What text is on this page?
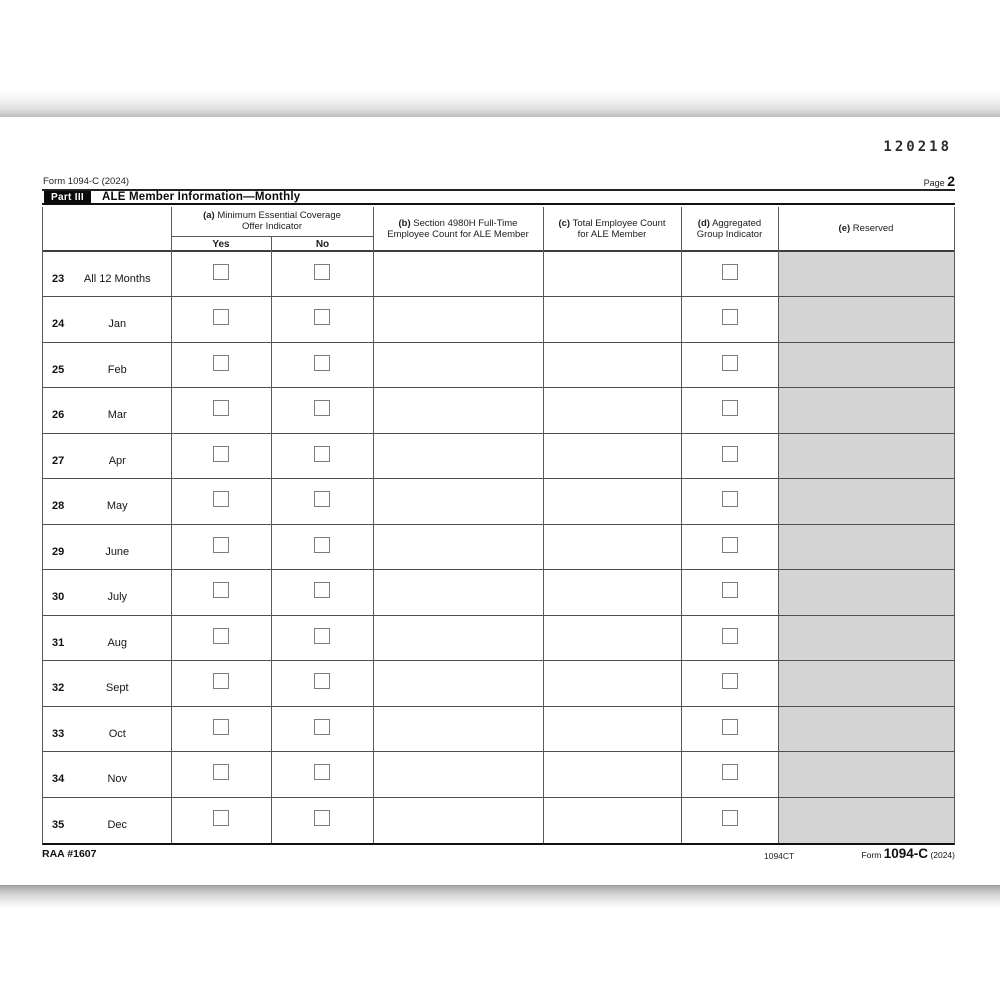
120218
Form 1094-C (2024)	Page 2
Part III	ALE Member Information—Monthly
(a) Minimum Essential Coverage
Offer Indicator
Yes	No
(b) Section 4980H Full-Time
Employee Count for ALE Member
(c) Total Employee Count
for ALE Member
(d) Aggregated
Group Indicator
(e) Reserved
23	All 12 Months
24	Jan
25	Feb
26	Mar
27	Apr
28	May
29	June
30	July
31	Aug
32	Sept
33	Oct
34	Nov
35	Dec
RAA #1607	1094CT	Form 1094-C (2024)
